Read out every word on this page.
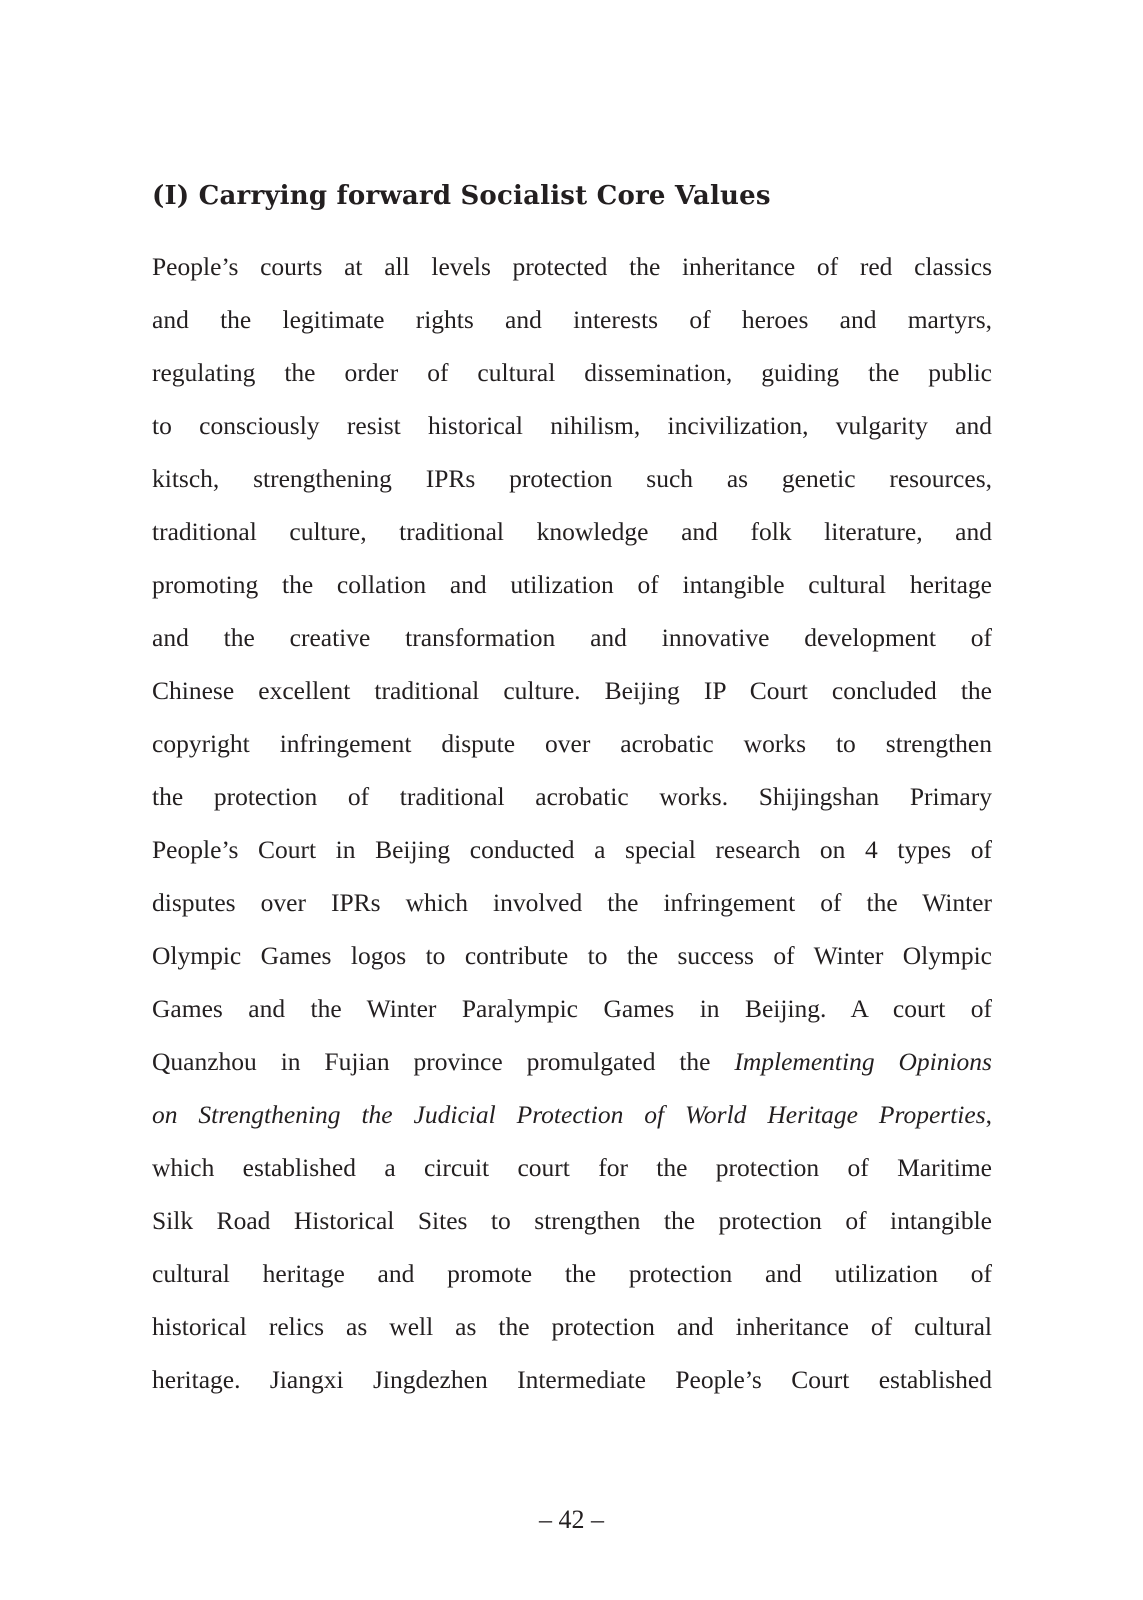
(I) Carrying forward Socialist Core Values
People’s courts at all levels protected the inheritance of red classics
and the legitimate rights and interests of heroes and martyrs,
regulating the order of cultural dissemination, guiding the public
to consciously resist historical nihilism, incivilization, vulgarity and
kitsch, strengthening IPRs protection such as genetic resources,
traditional culture, traditional knowledge and folk literature, and
promoting the collation and utilization of intangible cultural heritage
and the creative transformation and innovative development of
Chinese excellent traditional culture. Beijing IP Court concluded the
copyright infringement dispute over acrobatic works to strengthen
the protection of traditional acrobatic works. Shijingshan Primary
People’s Court in Beijing conducted a special research on 4 types of
disputes over IPRs which involved the infringement of the Winter
Olympic Games logos to contribute to the success of Winter Olympic
Games and the Winter Paralympic Games in Beijing. A court of
Quanzhou in Fujian province promulgated the Implementing Opinions
on Strengthening the Judicial Protection of World Heritage Properties,
which established a circuit court for the protection of Maritime
Silk Road Historical Sites to strengthen the protection of intangible
cultural heritage and promote the protection and utilization of
historical relics as well as the protection and inheritance of cultural
heritage. Jiangxi Jingdezhen Intermediate People’s Court established
– 42 –
